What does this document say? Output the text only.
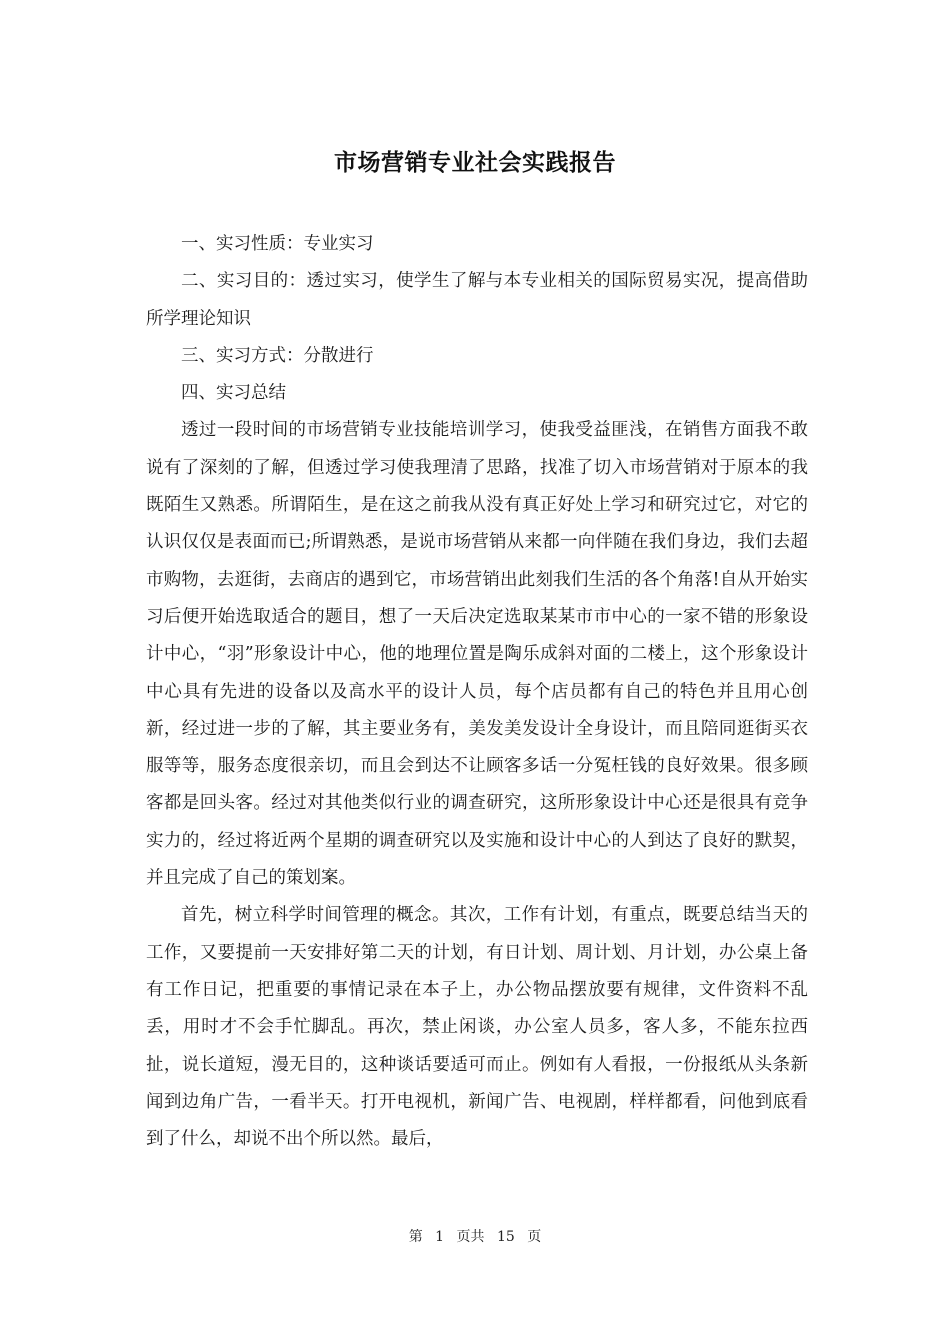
市场营销专业社会实践报告

一、实习性质：专业实习

二、实习目的：透过实习，使学生了解与本专业相关的国际贸易实况，提高借助所学理论知识

三、实习方式：分散进行

四、实习总结

透过一段时间的市场营销专业技能培训学习，使我受益匪浅，在销售方面我不敢说有了深刻的了解，但透过学习使我理清了思路，找准了切入市场营销对于原本的我既陌生又熟悉。所谓陌生，是在这之前我从没有真正好处上学习和研究过它，对它的认识仅仅是表面而已;所谓熟悉，是说市场营销从来都一向伴随在我们身边，我们去超市购物，去逛街，去商店的遇到它，市场营销出此刻我们生活的各个角落!自从开始实习后便开始选取适合的题目，想了一天后决定选取某某市市中心的一家不错的形象设计中心，“羽”形象设计中心，他的地理位置是陶乐成斜对面的二楼上，这个形象设计中心具有先进的设备以及高水平的设计人员，每个店员都有自己的特色并且用心创新，经过进一步的了解，其主要业务有，美发美发设计全身设计，而且陪同逛街买衣服等等，服务态度很亲切，而且会到达不让顾客多话一分冤枉钱的良好效果。很多顾客都是回头客。经过对其他类似行业的调查研究，这所形象设计中心还是很具有竞争实力的，经过将近两个星期的调查研究以及实施和设计中心的人到达了良好的默契，并且完成了自己的策划案。

首先，树立科学时间管理的概念。其次，工作有计划，有重点，既要总结当天的工作，又要提前一天安排好第二天的计划，有日计划、周计划、月计划，办公桌上备有工作日记，把重要的事情记录在本子上，办公物品摆放要有规律，文件资料不乱丢，用时才不会手忙脚乱。再次，禁止闲谈，办公室人员多，客人多，不能东拉西扯，说长道短，漫无目的，这种谈话要适可而止。例如有人看报，一份报纸从头条新闻到边角广告，一看半天。打开电视机，新闻广告、电视剧，样样都看，问他到底看到了什么，却说不出个所以然。最后，

第 1 页共 15 页
